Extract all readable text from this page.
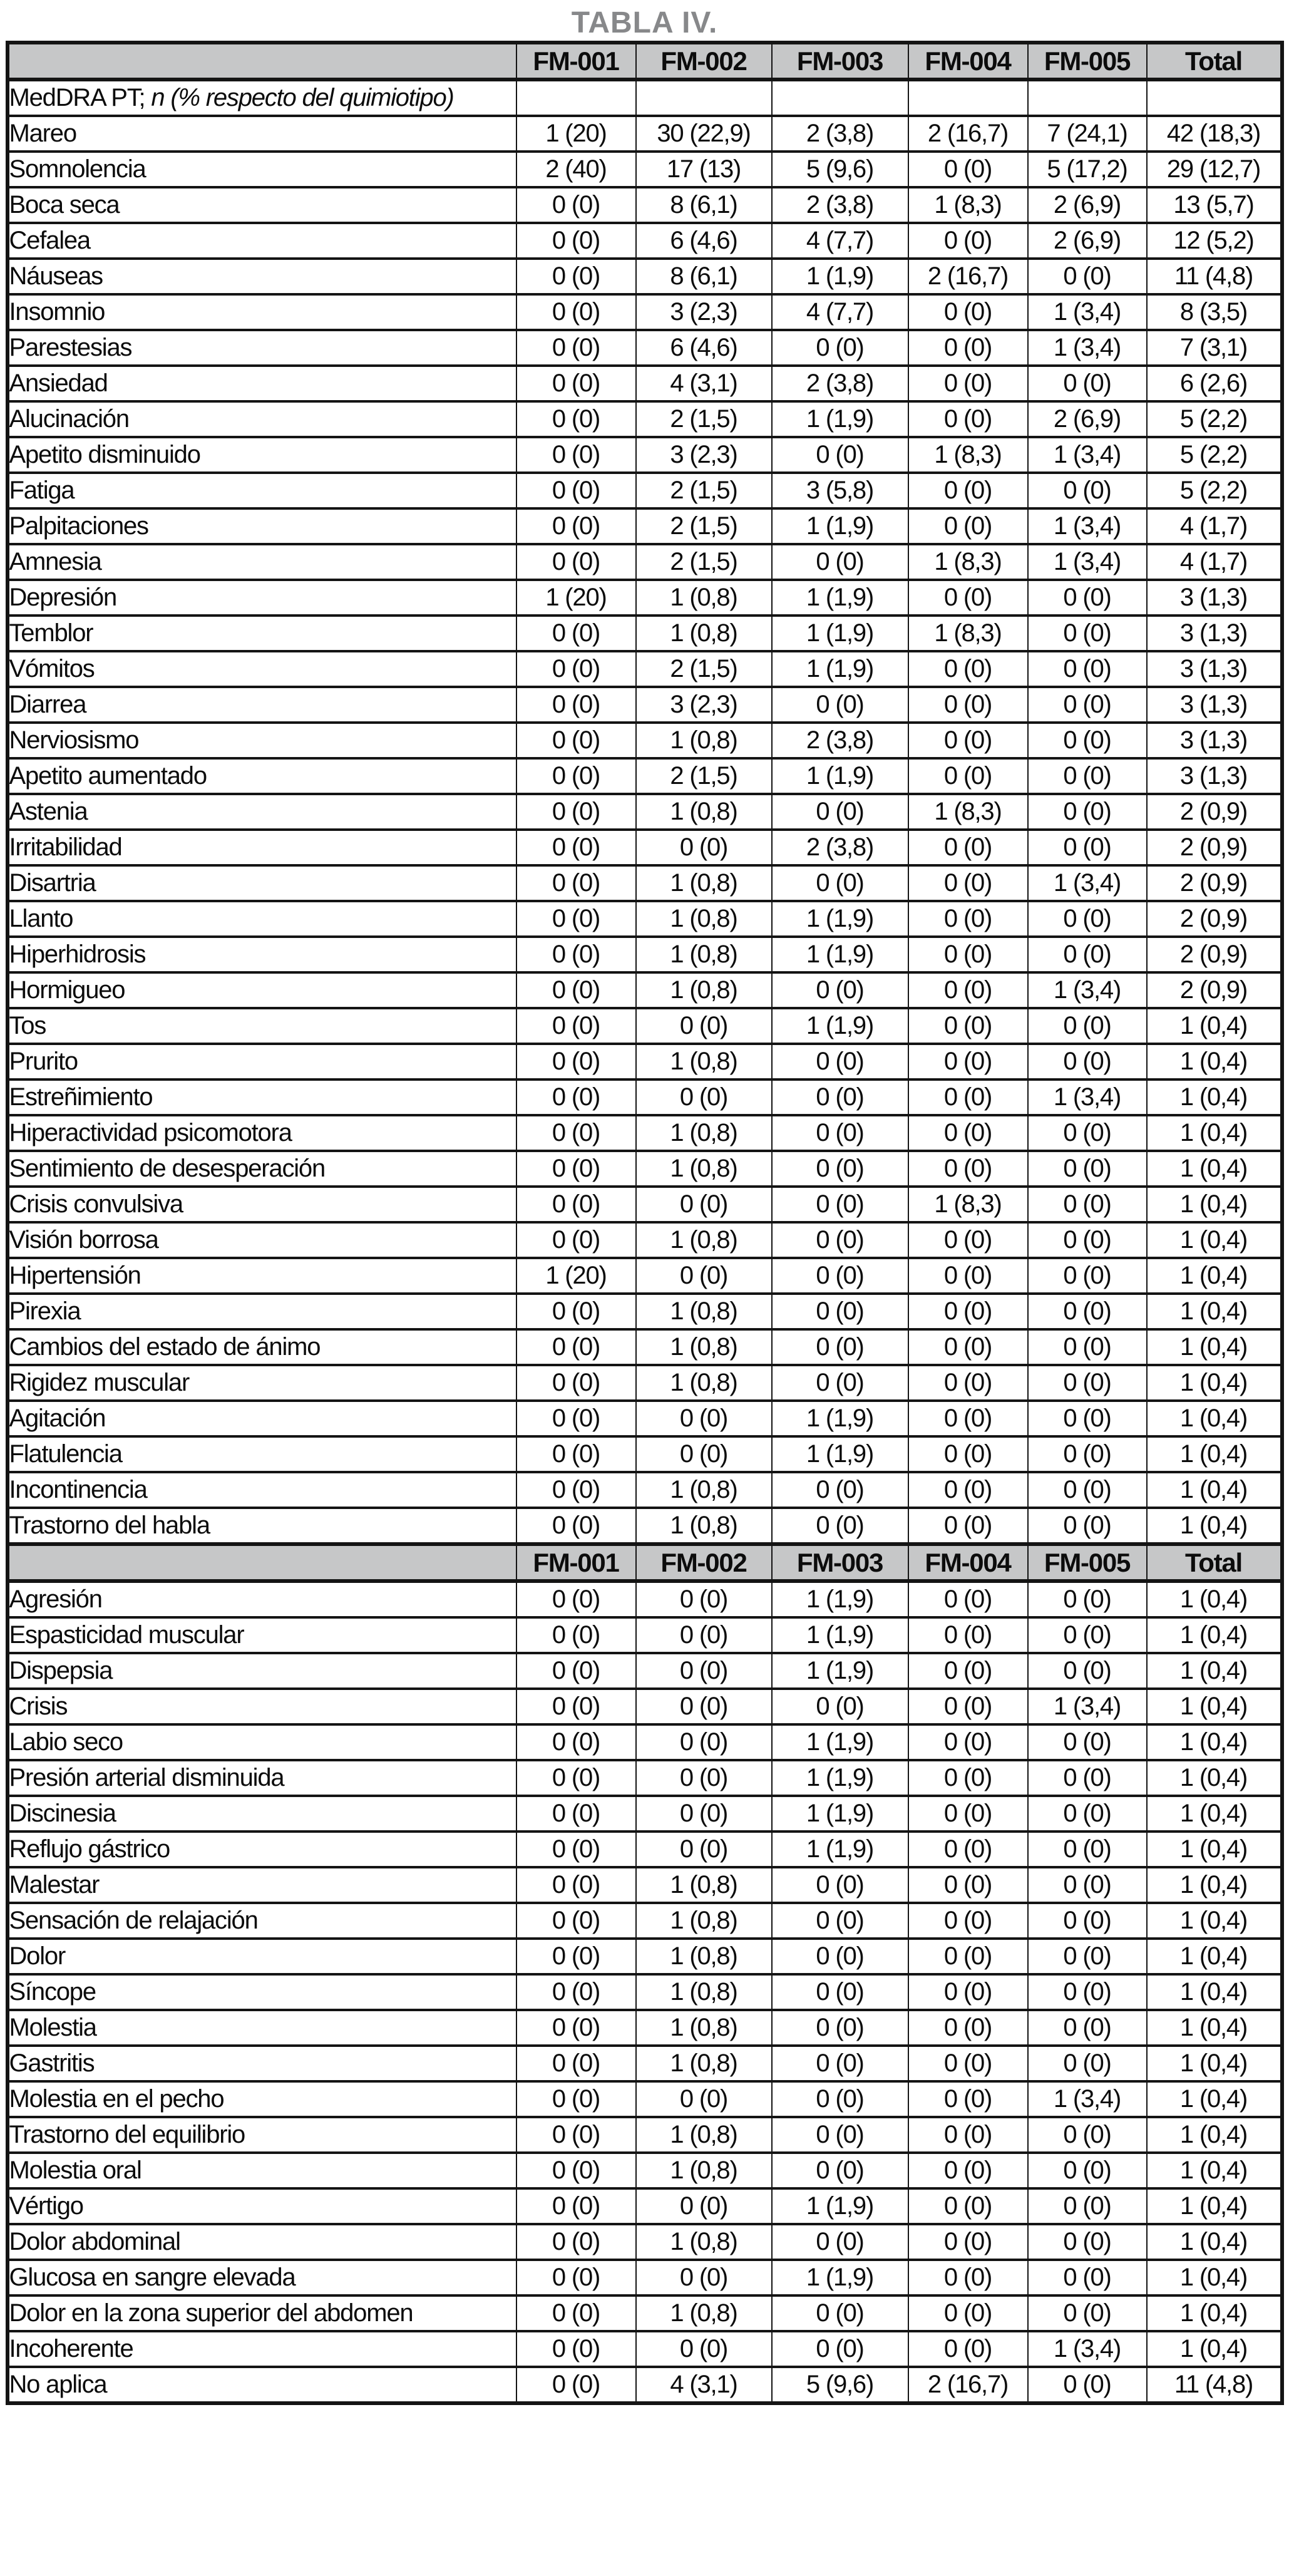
TABLA IV.
	FM-001	FM-002	FM-003	FM-004	FM-005	Total
MedDRA PT; n (% respecto del quimiotipo)						
Mareo	1 (20)	30 (22,9)	2 (3,8)	2 (16,7)	7 (24,1)	42 (18,3)
Somnolencia	2 (40)	17 (13)	5 (9,6)	0 (0)	5 (17,2)	29 (12,7)
Boca seca	0 (0)	8 (6,1)	2 (3,8)	1 (8,3)	2 (6,9)	13 (5,7)
Cefalea	0 (0)	6 (4,6)	4 (7,7)	0 (0)	2 (6,9)	12 (5,2)
Náuseas	0 (0)	8 (6,1)	1 (1,9)	2 (16,7)	0 (0)	11 (4,8)
Insomnio	0 (0)	3 (2,3)	4 (7,7)	0 (0)	1 (3,4)	8 (3,5)
Parestesias	0 (0)	6 (4,6)	0 (0)	0 (0)	1 (3,4)	7 (3,1)
Ansiedad	0 (0)	4 (3,1)	2 (3,8)	0 (0)	0 (0)	6 (2,6)
Alucinación	0 (0)	2 (1,5)	1 (1,9)	0 (0)	2 (6,9)	5 (2,2)
Apetito disminuido	0 (0)	3 (2,3)	0 (0)	1 (8,3)	1 (3,4)	5 (2,2)
Fatiga	0 (0)	2 (1,5)	3 (5,8)	0 (0)	0 (0)	5 (2,2)
Palpitaciones	0 (0)	2 (1,5)	1 (1,9)	0 (0)	1 (3,4)	4 (1,7)
Amnesia	0 (0)	2 (1,5)	0 (0)	1 (8,3)	1 (3,4)	4 (1,7)
Depresión	1 (20)	1 (0,8)	1 (1,9)	0 (0)	0 (0)	3 (1,3)
Temblor	0 (0)	1 (0,8)	1 (1,9)	1 (8,3)	0 (0)	3 (1,3)
Vómitos	0 (0)	2 (1,5)	1 (1,9)	0 (0)	0 (0)	3 (1,3)
Diarrea	0 (0)	3 (2,3)	0 (0)	0 (0)	0 (0)	3 (1,3)
Nerviosismo	0 (0)	1 (0,8)	2 (3,8)	0 (0)	0 (0)	3 (1,3)
Apetito aumentado	0 (0)	2 (1,5)	1 (1,9)	0 (0)	0 (0)	3 (1,3)
Astenia	0 (0)	1 (0,8)	0 (0)	1 (8,3)	0 (0)	2 (0,9)
Irritabilidad	0 (0)	0 (0)	2 (3,8)	0 (0)	0 (0)	2 (0,9)
Disartria	0 (0)	1 (0,8)	0 (0)	0 (0)	1 (3,4)	2 (0,9)
Llanto	0 (0)	1 (0,8)	1 (1,9)	0 (0)	0 (0)	2 (0,9)
Hiperhidrosis	0 (0)	1 (0,8)	1 (1,9)	0 (0)	0 (0)	2 (0,9)
Hormigueo	0 (0)	1 (0,8)	0 (0)	0 (0)	1 (3,4)	2 (0,9)
Tos	0 (0)	0 (0)	1 (1,9)	0 (0)	0 (0)	1 (0,4)
Prurito	0 (0)	1 (0,8)	0 (0)	0 (0)	0 (0)	1 (0,4)
Estreñimiento	0 (0)	0 (0)	0 (0)	0 (0)	1 (3,4)	1 (0,4)
Hiperactividad psicomotora	0 (0)	1 (0,8)	0 (0)	0 (0)	0 (0)	1 (0,4)
Sentimiento de desesperación	0 (0)	1 (0,8)	0 (0)	0 (0)	0 (0)	1 (0,4)
Crisis convulsiva	0 (0)	0 (0)	0 (0)	1 (8,3)	0 (0)	1 (0,4)
Visión borrosa	0 (0)	1 (0,8)	0 (0)	0 (0)	0 (0)	1 (0,4)
Hipertensión	1 (20)	0 (0)	0 (0)	0 (0)	0 (0)	1 (0,4)
Pirexia	0 (0)	1 (0,8)	0 (0)	0 (0)	0 (0)	1 (0,4)
Cambios del estado de ánimo	0 (0)	1 (0,8)	0 (0)	0 (0)	0 (0)	1 (0,4)
Rigidez muscular	0 (0)	1 (0,8)	0 (0)	0 (0)	0 (0)	1 (0,4)
Agitación	0 (0)	0 (0)	1 (1,9)	0 (0)	0 (0)	1 (0,4)
Flatulencia	0 (0)	0 (0)	1 (1,9)	0 (0)	0 (0)	1 (0,4)
Incontinencia	0 (0)	1 (0,8)	0 (0)	0 (0)	0 (0)	1 (0,4)
Trastorno del habla	0 (0)	1 (0,8)	0 (0)	0 (0)	0 (0)	1 (0,4)
	FM-001	FM-002	FM-003	FM-004	FM-005	Total
Agresión	0 (0)	0 (0)	1 (1,9)	0 (0)	0 (0)	1 (0,4)
Espasticidad muscular	0 (0)	0 (0)	1 (1,9)	0 (0)	0 (0)	1 (0,4)
Dispepsia	0 (0)	0 (0)	1 (1,9)	0 (0)	0 (0)	1 (0,4)
Crisis	0 (0)	0 (0)	0 (0)	0 (0)	1 (3,4)	1 (0,4)
Labio seco	0 (0)	0 (0)	1 (1,9)	0 (0)	0 (0)	1 (0,4)
Presión arterial disminuida	0 (0)	0 (0)	1 (1,9)	0 (0)	0 (0)	1 (0,4)
Discinesia	0 (0)	0 (0)	1 (1,9)	0 (0)	0 (0)	1 (0,4)
Reflujo gástrico	0 (0)	0 (0)	1 (1,9)	0 (0)	0 (0)	1 (0,4)
Malestar	0 (0)	1 (0,8)	0 (0)	0 (0)	0 (0)	1 (0,4)
Sensación de relajación	0 (0)	1 (0,8)	0 (0)	0 (0)	0 (0)	1 (0,4)
Dolor	0 (0)	1 (0,8)	0 (0)	0 (0)	0 (0)	1 (0,4)
Síncope	0 (0)	1 (0,8)	0 (0)	0 (0)	0 (0)	1 (0,4)
Molestia	0 (0)	1 (0,8)	0 (0)	0 (0)	0 (0)	1 (0,4)
Gastritis	0 (0)	1 (0,8)	0 (0)	0 (0)	0 (0)	1 (0,4)
Molestia en el pecho	0 (0)	0 (0)	0 (0)	0 (0)	1 (3,4)	1 (0,4)
Trastorno del equilibrio	0 (0)	1 (0,8)	0 (0)	0 (0)	0 (0)	1 (0,4)
Molestia oral	0 (0)	1 (0,8)	0 (0)	0 (0)	0 (0)	1 (0,4)
Vértigo	0 (0)	0 (0)	1 (1,9)	0 (0)	0 (0)	1 (0,4)
Dolor abdominal	0 (0)	1 (0,8)	0 (0)	0 (0)	0 (0)	1 (0,4)
Glucosa en sangre elevada	0 (0)	0 (0)	1 (1,9)	0 (0)	0 (0)	1 (0,4)
Dolor en la zona superior del abdomen	0 (0)	1 (0,8)	0 (0)	0 (0)	0 (0)	1 (0,4)
Incoherente	0 (0)	0 (0)	0 (0)	0 (0)	1 (3,4)	1 (0,4)
No aplica	0 (0)	4 (3,1)	5 (9,6)	2 (16,7)	0 (0)	11 (4,8)
